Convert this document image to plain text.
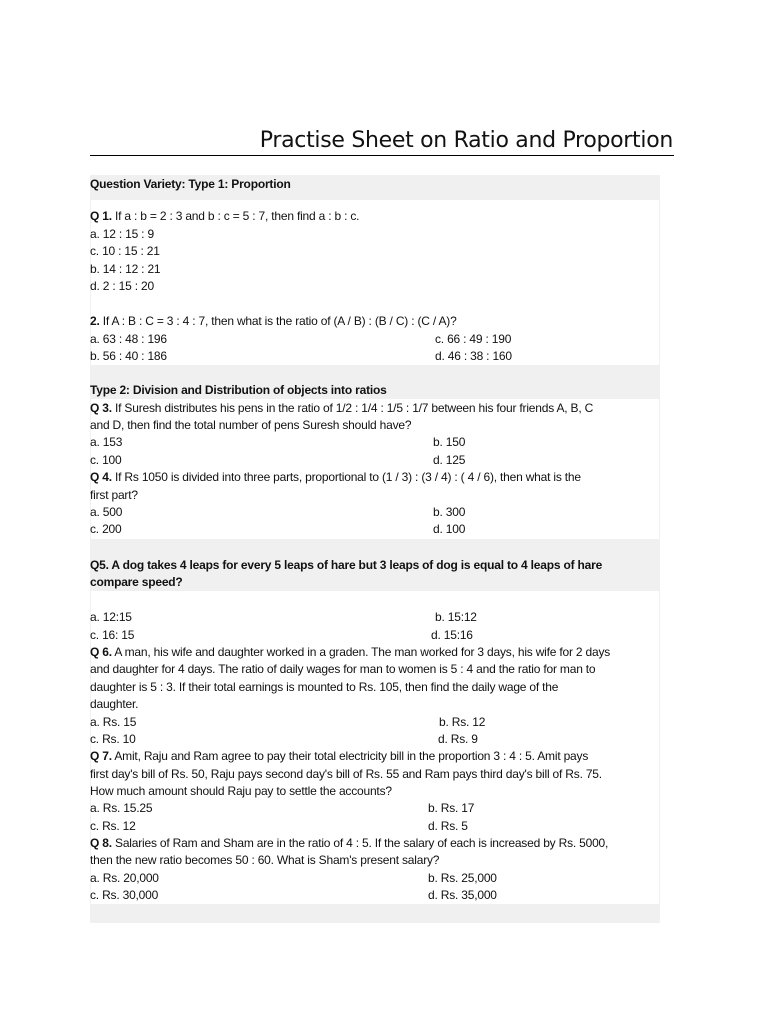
Practise Sheet on Ratio and Proportion
Question Variety: Type 1: Proportion
Q 1. If a : b = 2 : 3 and b : c = 5 : 7, then find a : b : c.
a. 12 : 15 : 9
c. 10 : 15 : 21
b. 14 : 12 : 21
d. 2 : 15 : 20
2. If A : B : C = 3 : 4 : 7, then what is the ratio of (A / B) : (B / C) : (C / A)?
a. 63 : 48 : 196	c. 66 : 49 : 190
b. 56 : 40 : 186	d. 46 : 38 : 160
Type 2: Division and Distribution of objects into ratios
Q 3. If Suresh distributes his pens in the ratio of 1/2 : 1/4 : 1/5 : 1/7 between his four friends A, B, C
and D, then find the total number of pens Suresh should have?
a. 153	b. 150
c. 100	d. 125
Q 4. If Rs 1050 is divided into three parts, proportional to (1 / 3) : (3 / 4) : ( 4 / 6), then what is the
first part?
a. 500	b. 300
c. 200	d. 100
Q5. A dog takes 4 leaps for every 5 leaps of hare but 3 leaps of dog is equal to 4 leaps of hare
compare speed?
a. 12:15	b. 15:12
c. 16: 15	d. 15:16
Q 6. A man, his wife and daughter worked in a graden. The man worked for 3 days, his wife for 2 days
and daughter for 4 days. The ratio of daily wages for man to women is 5 : 4 and the ratio for man to
daughter is 5 : 3. If their total earnings is mounted to Rs. 105, then find the daily wage of the
daughter.
a. Rs. 15	b. Rs. 12
c. Rs. 10	d. Rs. 9
Q 7. Amit, Raju and Ram agree to pay their total electricity bill in the proportion 3 : 4 : 5. Amit pays
first day's bill of Rs. 50, Raju pays second day's bill of Rs. 55 and Ram pays third day's bill of Rs. 75.
How much amount should Raju pay to settle the accounts?
a. Rs. 15.25	b. Rs. 17
c. Rs. 12	d. Rs. 5
Q 8. Salaries of Ram and Sham are in the ratio of 4 : 5. If the salary of each is increased by Rs. 5000,
then the new ratio becomes 50 : 60. What is Sham's present salary?
a. Rs. 20,000	b. Rs. 25,000
c. Rs. 30,000	d. Rs. 35,000
